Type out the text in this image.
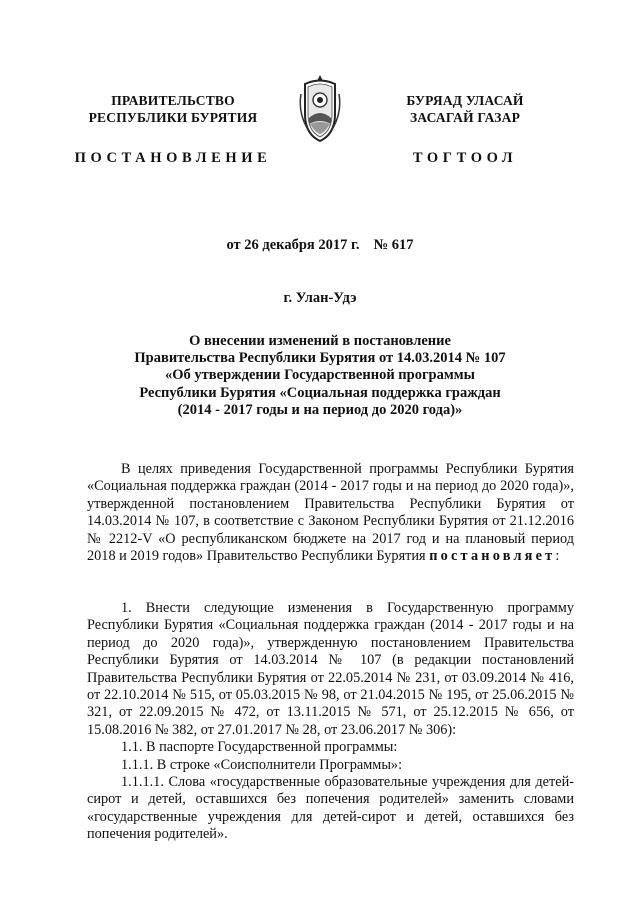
ПРАВИТЕЛЬСТВО
РЕСПУБЛИКИ БУРЯТИЯ
ПОСТАНОВЛЕНИЕ
БУРЯАД УЛАСАЙ
ЗАСАГАЙ ГАЗАР
ТОГТООЛ
от 26 декабря 2017 г. № 617
г. Улан-Удэ
О внесении изменений в постановление
Правительства Республики Бурятия от 14.03.2014 № 107
«Об утверждении Государственной программы
Республики Бурятия «Социальная поддержка граждан
(2014 - 2017 годы и на период до 2020 года)»

В целях приведения Государственной программы Республики Бурятия «Социальная поддержка граждан (2014 - 2017 годы и на период до 2020 года)», утвержденной постановлением Правительства Республики Бурятия от 14.03.2014 № 107, в соответствие с Законом Республики Бурятия от 21.12.2016 № 2212-V «О республиканском бюджете на 2017 год и на плановый период 2018 и 2019 годов» Правительство Республики Бурятия постановляет:

1. Внести следующие изменения в Государственную программу Республики Бурятия «Социальная поддержка граждан (2014 - 2017 годы и на период до 2020 года)», утвержденную постановлением Правительства Республики Бурятия от 14.03.2014 № 107 (в редакции постановлений Правительства Республики Бурятия от 22.05.2014 № 231, от 03.09.2014 № 416, от 22.10.2014 № 515, от 05.03.2015 № 98, от 21.04.2015 № 195, от 25.06.2015 № 321, от 22.09.2015 № 472, от 13.11.2015 № 571, от 25.12.2015 № 656, от 15.08.2016 № 382, от 27.01.2017 № 28, от 23.06.2017 № 306):

1.1. В паспорте Государственной программы:

1.1.1. В строке «Соисполнители Программы»:

1.1.1.1. Слова «государственные образовательные учреждения для детей-сирот и детей, оставшихся без попечения родителей» заменить словами «государственные учреждения для детей-сирот и детей, оставшихся без попечения родителей».
